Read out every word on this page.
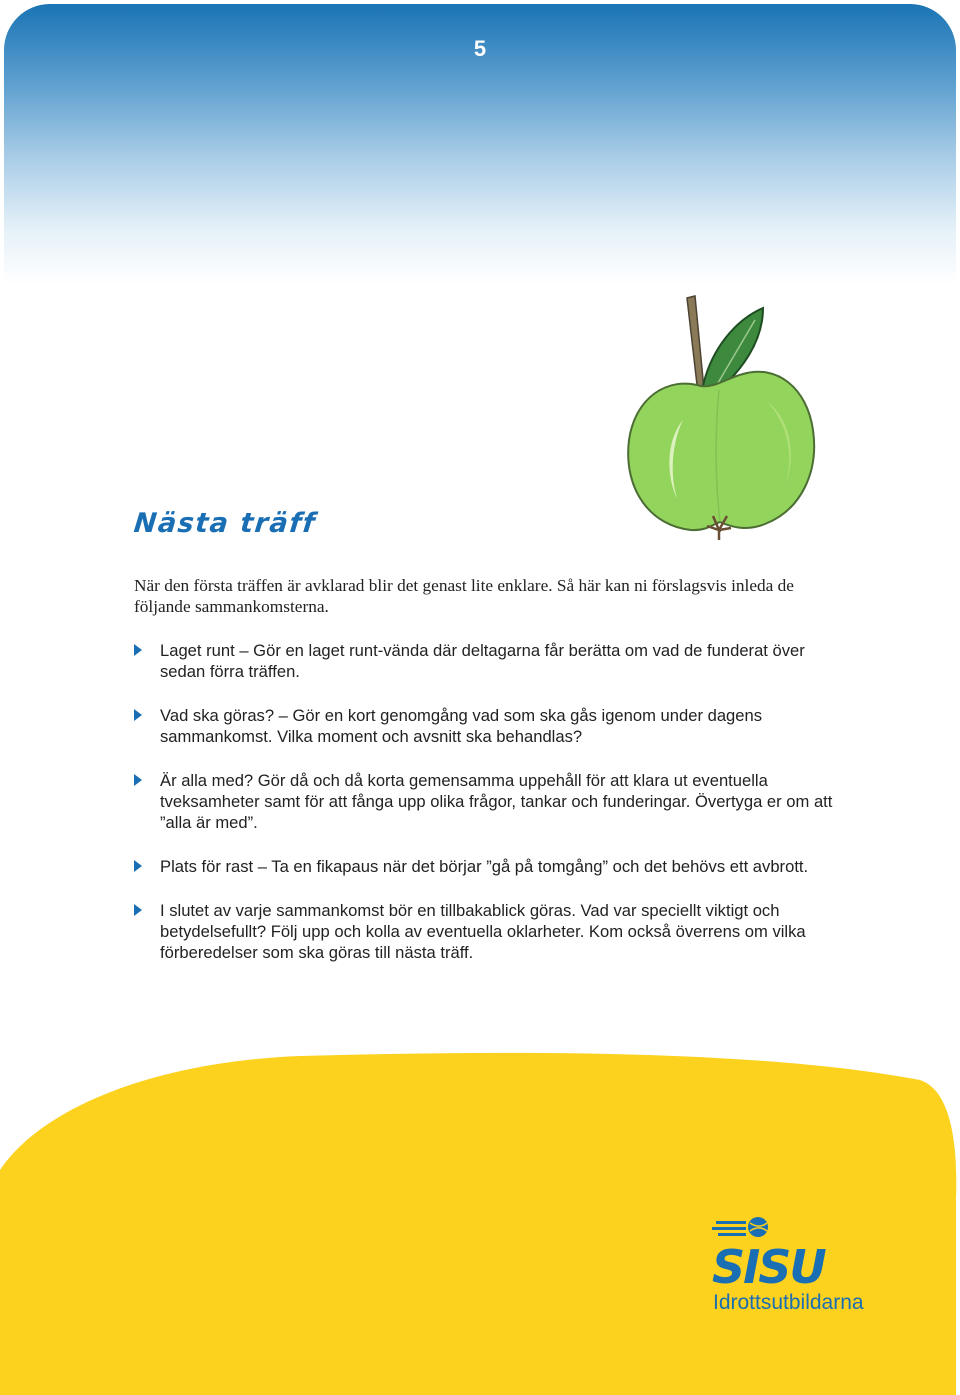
5
Nästa träff

När den första träffen är avklarad blir det genast lite enklare. Så här kan ni förslagsvis inleda de följande sammankomsterna.

Laget runt – Gör en laget runt-vända där deltagarna får berätta om vad de funderat över sedan förra träffen.
Vad ska göras? – Gör en kort genomgång vad som ska gås igenom under dagens sammankomst. Vilka moment och avsnitt ska behandlas?
Är alla med? Gör då och då korta gemensamma uppehåll för att klara ut eventuella tveksamheter samt för att fånga upp olika frågor, tankar och funderingar. Övertyga er om att ”alla är med”.
Plats för rast – Ta en fikapaus när det börjar ”gå på tomgång” och det behövs ett avbrott.
I slutet av varje sammankomst bör en tillbakablick göras. Vad var speciellt viktigt och betydelsefullt? Följ upp och kolla av eventuella oklarheter. Kom också överrens om vilka förberedelser som ska göras till nästa träff.
SISU

Idrottsutbildarna
